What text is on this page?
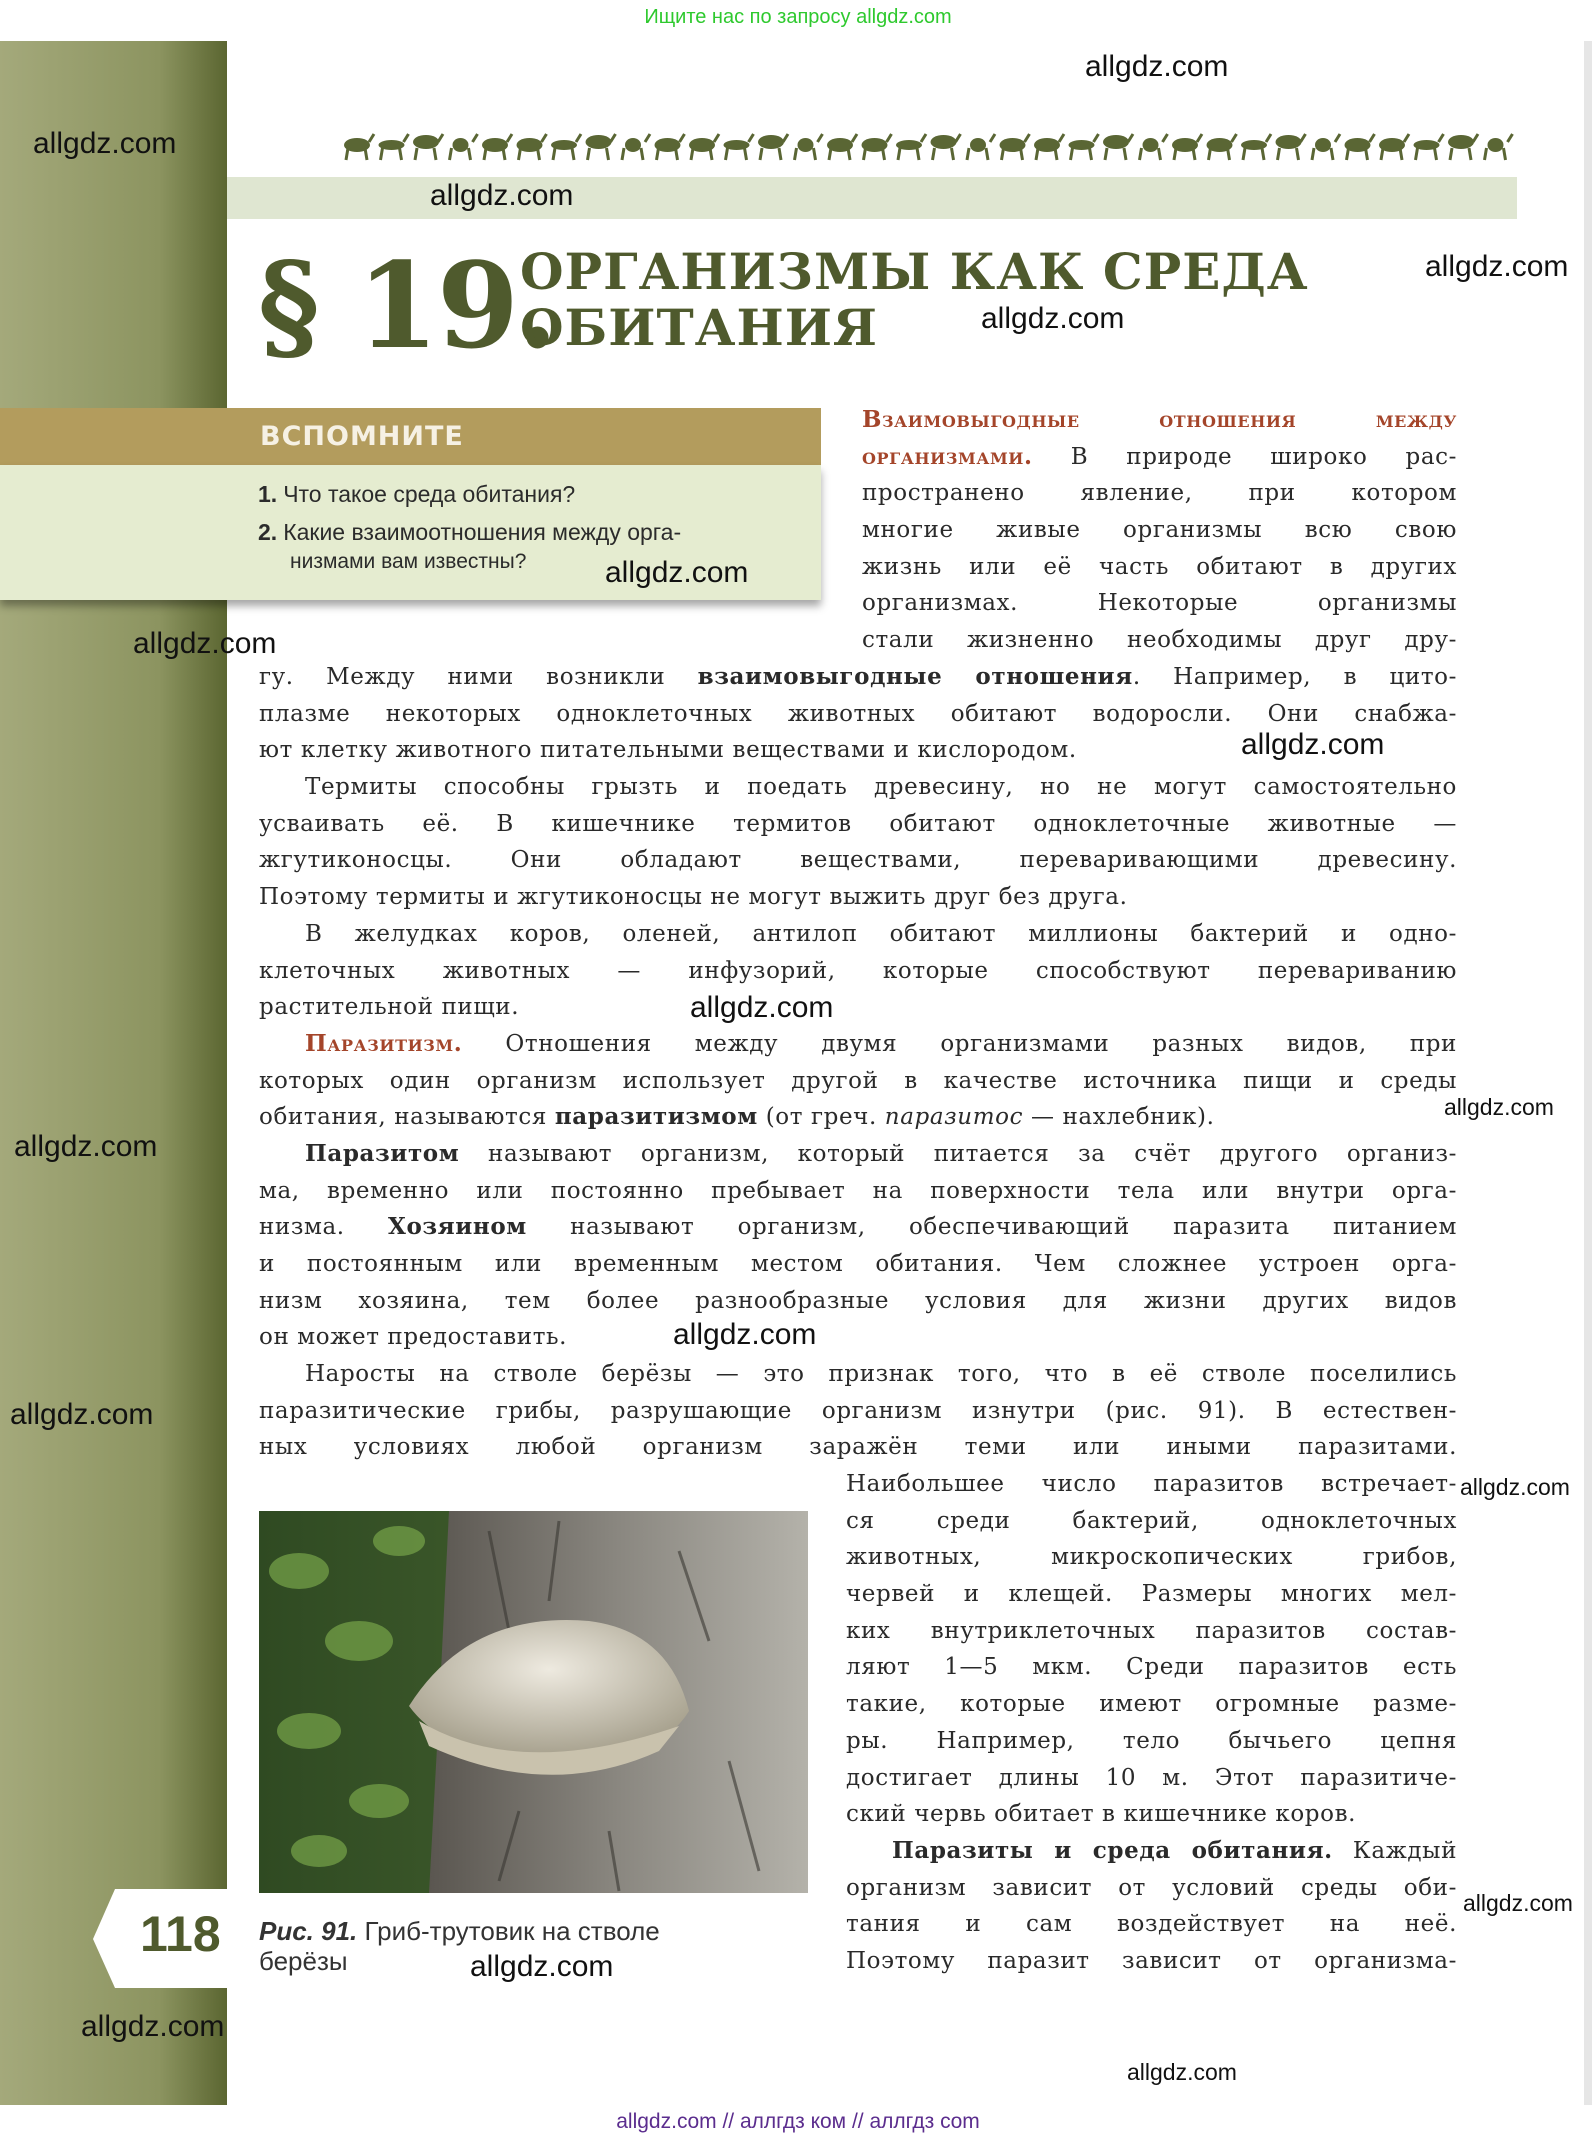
Ищите нас по запросу allgdz.com
§ 19.
ОРГАНИЗМЫ КАК СРЕДА
ОБИТАНИЯ
ВСПОМНИТЕ
1. Что такое среда обитания?
2. Какие взаимоотношения между орга-
низмами вам известны?
Взаимовыгодные отношения между
организмами. В природе широко рас-
пространено явление, при котором
многие живые организмы всю свою
жизнь или её часть обитают в других
организмах. Некоторые организмы
стали жизненно необходимы друг дру-
гу. Между ними возникли взаимовыгодные отношения. Например, в цито-
плазме некоторых одноклеточных животных обитают водоросли. Они снабжа-
ют клетку животного питательными веществами и кислородом.
Термиты способны грызть и поедать древесину, но не могут самостоятельно
усваивать её. В кишечнике термитов обитают одноклеточные животные —
жгутиконосцы. Они обладают веществами, переваривающими древесину.
Поэтому термиты и жгутиконосцы не могут выжить друг без друга.
В желудках коров, оленей, антилоп обитают миллионы бактерий и одно-
клеточных животных — инфузорий, которые способствуют перевариванию
растительной пищи.
Паразитизм. Отношения между двумя организмами разных видов, при
которых один организм использует другой в качестве источника пищи и среды
обитания, называются паразитизмом (от греч. паразитос — нахлебник).
Паразитом называют организм, который питается за счёт другого организ-
ма, временно или постоянно пребывает на поверхности тела или внутри орга-
низма. Хозяином называют организм, обеспечивающий паразита питанием
и постоянным или временным местом обитания. Чем сложнее устроен орга-
низм хозяина, тем более разнообразные условия для жизни других видов
он может предоставить.
Наросты на стволе берёзы — это признак того, что в её стволе поселились
паразитические грибы, разрушающие организм изнутри (рис. 91). В естествен-
ных условиях любой организм заражён теми или иными паразитами.
Наибольшее число паразитов встречает-
ся среди бактерий, одноклеточных
животных, микроскопических грибов,
червей и клещей. Размеры многих мел-
ких внутриклеточных паразитов состав-
ляют 1—5 мкм. Среди паразитов есть
такие, которые имеют огромные разме-
ры. Например, тело бычьего цепня
достигает длины 10 м. Этот паразитиче-
ский червь обитает в кишечнике коров.
Паразиты и среда обитания. Каждый
организм зависит от условий среды оби-
тания и сам воздействует на неё.
Поэтому паразит зависит от организма-
118 Рис. 91. Гриб-трутовик на стволе
берёзы
allgdz.com // аллгдз ком // аллгдз com
allgdz.com
allgdz.com
allgdz.com
allgdz.com
allgdz.com
allgdz.com
allgdz.com
allgdz.com
allgdz.com
allgdz.com
allgdz.com
allgdz.com
allgdz.com
allgdz.com
allgdz.com
allgdz.com
allgdz.com
allgdz.com
